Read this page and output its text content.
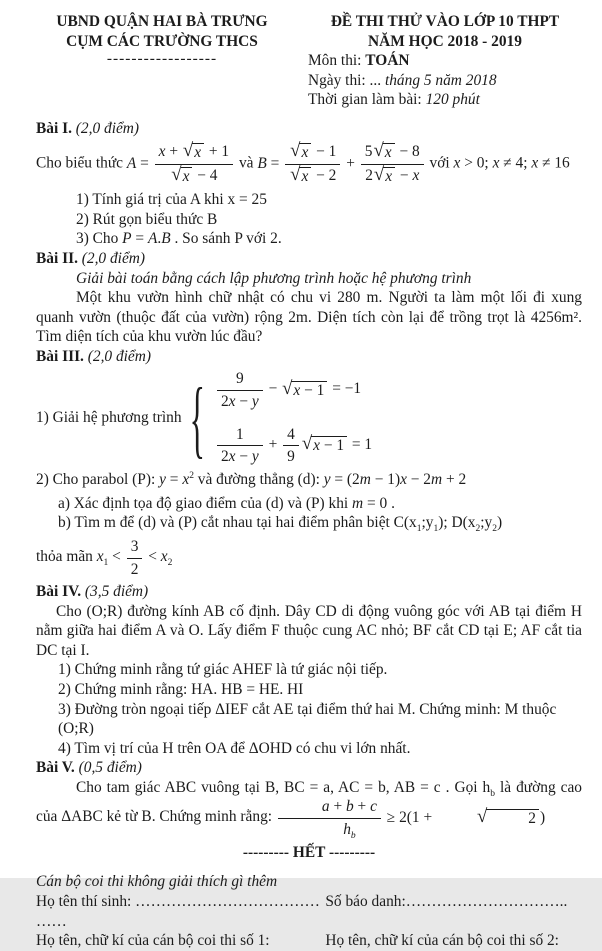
UBND QUẬN HAI BÀ TRƯNG
CỤM CÁC TRƯỜNG THCS
------------------
ĐỀ THI THỬ VÀO LỚP 10 THPT
NĂM HỌC 2018 - 2019
Môn thi: TOÁN
Ngày thi: ... tháng 5 năm 2018
Thời gian làm bài: 120 phút
Bài I. (2,0 điểm)
Cho biểu thức $A = \frac{x + √ x + 1}{√ x - 4}$ và $B = \frac{√ x - 1}{√ x - 2} + \frac{5 √ x - 8}{2 √ x - x}$ với x > 0; x ≠ 4; x ≠ 16
1) Tính giá trị của A khi x = 25
2) Rút gọn biểu thức B
3) Cho P = A.B . So sánh P với 2.
Bài II. (2,0 điểm)
Giải bài toán bằng cách lập phương trình hoặc hệ phương trình
Một khu vườn hình chữ nhật có chu vi 280 m. Người ta làm một lối đi xung quanh vườn (thuộc đất của vườn) rộng 2m. Diện tích còn lại để trồng trọt là 4256m². Tìm diện tích của khu vườn lúc đầu?
Bài III. (2,0 điểm)
1) Giải hệ phương trình { $\frac{9}{2x - y}$ − √ x − 1 = −1
$\frac{1}{2x - y} + \frac{4}{9}$ √ x − 1 = 1
2) Cho parabol (P): $y = x^2$ và đường thẳng (d): y = (2m − 1)x − 2m + 2
a) Xác định tọa độ giao điểm của (d) và (P) khi m = 0 .
b) Tìm m để (d) và (P) cắt nhau tại hai điểm phân biệt $C(x_1;y_1)$; $D(x_2;y_2)$
thỏa mãn $x_1 < \frac{3}{2} < x_2$
Bài IV. (3,5 điểm)
Cho (O;R) đường kính AB cố định. Dây CD di động vuông góc với AB tại điểm H nằm giữa hai điểm A và O. Lấy điểm F thuộc cung AC nhỏ; BF cắt CD tại E; AF cắt tia DC tại I.
1) Chứng minh rằng tứ giác AHEF là tứ giác nội tiếp.
2) Chứng minh rằng: HA. HB = HE. HI
3) Đường tròn ngoại tiếp ΔIEF cắt AE tại điểm thứ hai M. Chứng minh: M thuộc (O;R)
4) Tìm vị trí của H trên OA để ΔOHD có chu vi lớn nhất.
Bài V. (0,5 điểm)
Cho tam giác ABC vuông tại B, BC = a, AC = b, AB = c . Gọi $h_b$ là đường cao của ΔABC kẻ từ B. Chứng minh rằng: $\frac{a + b + c}{h_b} \ge 2(1$ +	√	2 )
--------- HẾT ---------
Cán bộ coi thi không giải thích gì thêm
Họ tên thí sinh: ……………………………… ……
Số báo danh:…………………………..
Họ tên, chữ kí của cán bộ coi thi số 1:	Họ tên, chữ kí của cán bộ coi thi số 2:
